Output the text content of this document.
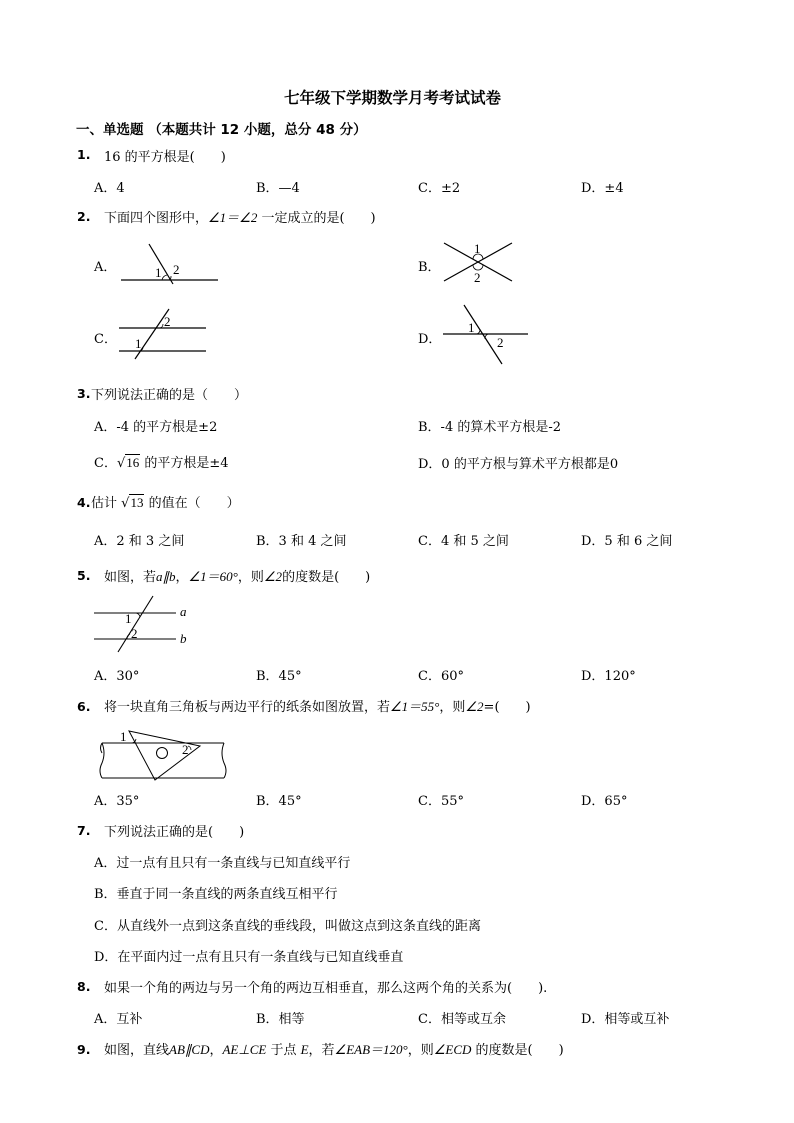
七年级下学期数学月考考试试卷
一、单选题 （本题共计 12 小题，总分 48 分）
1. 16 的平方根是(　　)
A．4	B．—4	C．±2	D．±4
2. 下面四个图形中，∠1＝∠2 一定成立的是(　　)
A．	1 2	B．
1
2
C．
2
1	D．
1
2
3. 下列说法正确的是（　　）
A．-4 的平方根是±2	B．-4 的算术平方根是-2
C．√16 的平方根是±4	D．0 的平方根与算术平方根都是0
4. 估计 √13 的值在（　　）
A．2 和 3 之间	B．3 和 4 之间	C．4 和 5 之间	D．5 和 6 之间
5. 如图，若a∥b，∠1＝60°，则∠2的度数是(　　)
a
b
1
2
A．30°	B．45°	C．60°	D．120°
6. 将一块直角三角板与两边平行的纸条如图放置，若∠1＝55°，则∠2=(　　)
1
2
A．35°	B．45°	C．55°	D．65°
7. 下列说法正确的是(　　)
A．过一点有且只有一条直线与已知直线平行
B．垂直于同一条直线的两条直线互相平行
C．从直线外一点到这条直线的垂线段，叫做这点到这条直线的距离
D．在平面内过一点有且只有一条直线与已知直线垂直
8. 如果一个角的两边与另一个角的两边互相垂直，那么这两个角的关系为(　　).
A．互补	B．相等	C．相等或互余	D．相等或互补
9. 如图，直线AB∥CD，AE⊥CE 于点 E，若∠EAB＝120°，则∠ECD 的度数是(　　)
